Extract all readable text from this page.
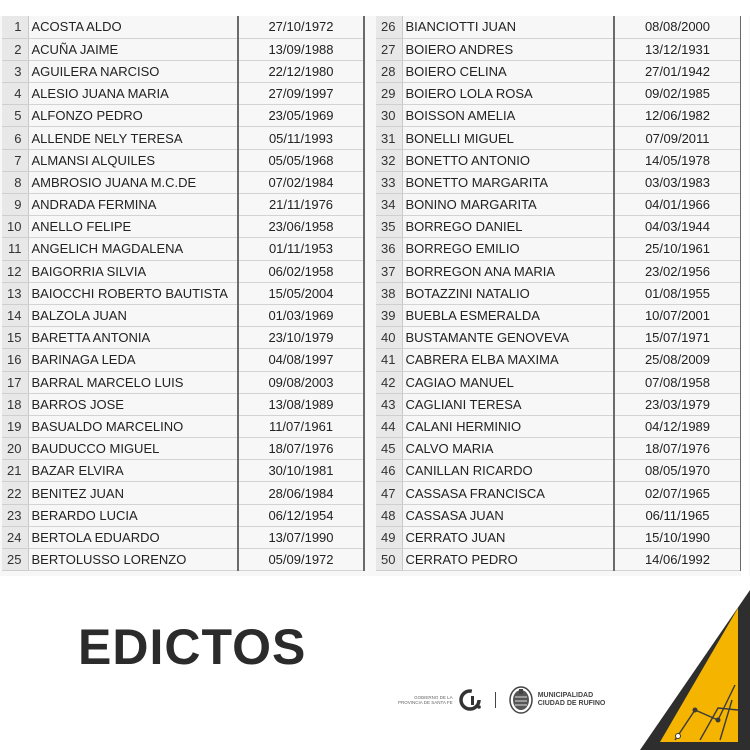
1	ACOSTA ALDO	27/10/1972
2	ACUÑA JAIME	13/09/1988
3	AGUILERA NARCISO	22/12/1980
4	ALESIO JUANA MARIA	27/09/1997
5	ALFONZO PEDRO	23/05/1969
6	ALLENDE NELY TERESA	05/11/1993
7	ALMANSI ALQUILES	05/05/1968
8	AMBROSIO JUANA M.C.DE	07/02/1984
9	ANDRADA FERMINA	21/11/1976
10	ANELLO FELIPE	23/06/1958
11	ANGELICH MAGDALENA	01/11/1953
12	BAIGORRIA SILVIA	06/02/1958
13	BAIOCCHI ROBERTO BAUTISTA	15/05/2004
14	BALZOLA JUAN	01/03/1969
15	BARETTA ANTONIA	23/10/1979
16	BARINAGA LEDA	04/08/1997
17	BARRAL MARCELO LUIS	09/08/2003
18	BARROS JOSE	13/08/1989
19	BASUALDO MARCELINO	11/07/1961
20	BAUDUCCO MIGUEL	18/07/1976
21	BAZAR ELVIRA	30/10/1981
22	BENITEZ JUAN	28/06/1984
23	BERARDO LUCIA	06/12/1954
24	BERTOLA EDUARDO	13/07/1990
25	BERTOLUSSO LORENZO	05/09/1972
26	BIANCIOTTI JUAN	08/08/2000
27	BOIERO ANDRES	13/12/1931
28	BOIERO CELINA	27/01/1942
29	BOIERO LOLA ROSA	09/02/1985
30	BOISSON AMELIA	12/06/1982
31	BONELLI MIGUEL	07/09/2011
32	BONETTO ANTONIO	14/05/1978
33	BONETTO MARGARITA	03/03/1983
34	BONINO MARGARITA	04/01/1966
35	BORREGO DANIEL	04/03/1944
36	BORREGO EMILIO	25/10/1961
37	BORREGON ANA MARIA	23/02/1956
38	BOTAZZINI NATALIO	01/08/1955
39	BUEBLA ESMERALDA	10/07/2001
40	BUSTAMANTE GENOVEVA	15/07/1971
41	CABRERA ELBA MAXIMA	25/08/2009
42	CAGIAO MANUEL	07/08/1958
43	CAGLIANI TERESA	23/03/1979
44	CALANI HERMINIO	04/12/1989
45	CALVO MARIA	18/07/1976
46	CANILLAN RICARDO	08/05/1970
47	CASSASA FRANCISCA	02/07/1965
48	CASSASA JUAN	06/11/1965
49	CERRATO JUAN	15/10/1990
50	CERRATO PEDRO	14/06/1992
EDICTOS
GOBIERNO DE LA
PROVINCIA DE SANTA FE
MUNICIPALIDAD
CIUDAD DE RUFINO
